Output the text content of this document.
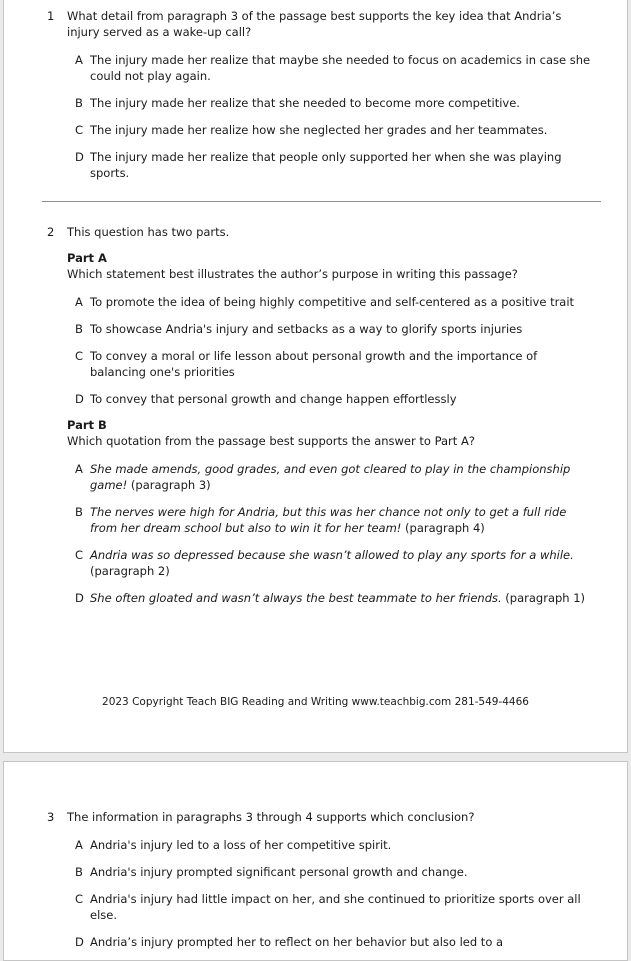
1	What detail from paragraph 3 of the passage best supports the key idea that Andria’s injury served as a wake-up call?
A The injury made her realize that maybe she needed to focus on academics in case she could not play again.
B The injury made her realize that she needed to become more competitive.
C The injury made her realize how she neglected her grades and her teammates.
D The injury made her realize that people only supported her when she was playing sports.
2	This question has two parts.
Part A
Which statement best illustrates the author’s purpose in writing this passage?
A To promote the idea of being highly competitive and self-centered as a positive trait
B To showcase Andria's injury and setbacks as a way to glorify sports injuries
C To convey a moral or life lesson about personal growth and the importance of balancing one's priorities
D To convey that personal growth and change happen effortlessly
Part B
Which quotation from the passage best supports the answer to Part A?
A She made amends, good grades, and even got cleared to play in the championship game! (paragraph 3)
B The nerves were high for Andria, but this was her chance not only to get a full ride from her dream school but also to win it for her team! (paragraph 4)
C Andria was so depressed because she wasn’t allowed to play any sports for a while. (paragraph 2)
D She often gloated and wasn’t always the best teammate to her friends. (paragraph 1)
2023 Copyright Teach BIG Reading and Writing www.teachbig.com 281-549-4466
3	The information in paragraphs 3 through 4 supports which conclusion?
A Andria's injury led to a loss of her competitive spirit.
B Andria's injury prompted significant personal growth and change.
C Andria's injury had little impact on her, and she continued to prioritize sports over all else.
D Andria’s injury prompted her to reflect on her behavior but also led to a
